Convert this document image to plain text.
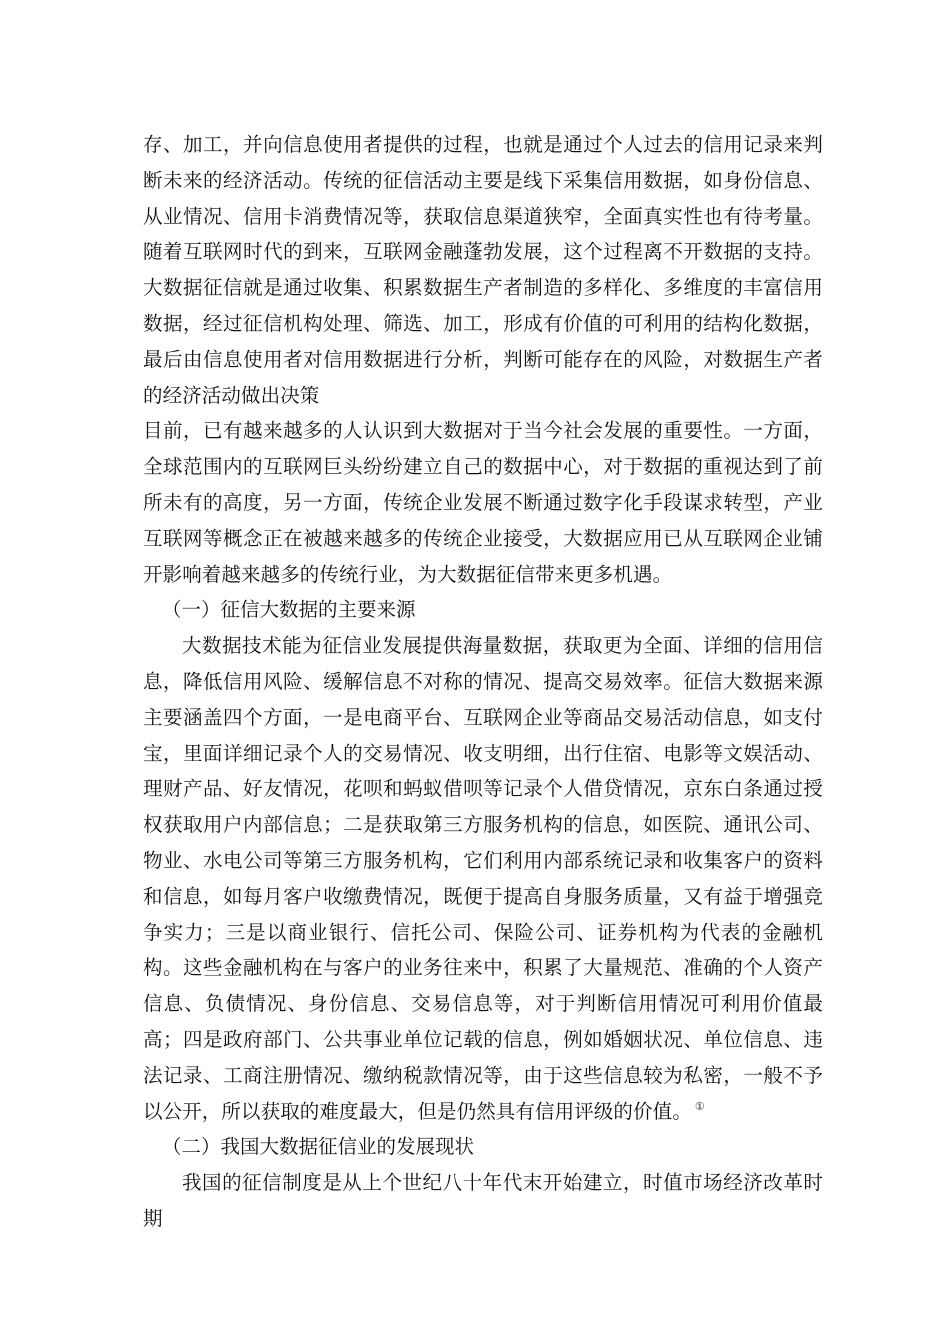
存、加工，并向信息使用者提供的过程，也就是通过个人过去的信用记录来判断未来的经济活动。传统的征信活动主要是线下采集信用数据，如身份信息、从业情况、信用卡消费情况等，获取信息渠道狭窄，全面真实性也有待考量。随着互联网时代的到来，互联网金融蓬勃发展，这个过程离不开数据的支持。大数据征信就是通过收集、积累数据生产者制造的多样化、多维度的丰富信用数据，经过征信机构处理、筛选、加工，形成有价值的可利用的结构化数据，最后由信息使用者对信用数据进行分析，判断可能存在的风险，对数据生产者的经济活动做出决策

目前，已有越来越多的人认识到大数据对于当今社会发展的重要性。一方面，全球范围内的互联网巨头纷纷建立自己的数据中心，对于数据的重视达到了前所未有的高度，另一方面，传统企业发展不断通过数字化手段谋求转型，产业互联网等概念正在被越来越多的传统企业接受，大数据应用已从互联网企业铺开影响着越来越多的传统行业，为大数据征信带来更多机遇。

（一）征信大数据的主要来源

大数据技术能为征信业发展提供海量数据，获取更为全面、详细的信用信息，降低信用风险、缓解信息不对称的情况、提高交易效率。征信大数据来源主要涵盖四个方面，一是电商平台、互联网企业等商品交易活动信息，如支付宝，里面详细记录个人的交易情况、收支明细，出行住宿、电影等文娱活动、理财产品、好友情况，花呗和蚂蚁借呗等记录个人借贷情况，京东白条通过授权获取用户内部信息；二是获取第三方服务机构的信息，如医院、通讯公司、物业、水电公司等第三方服务机构，它们利用内部系统记录和收集客户的资料和信息，如每月客户收缴费情况，既便于提高自身服务质量，又有益于增强竞争实力；三是以商业银行、信托公司、保险公司、证券机构为代表的金融机构。这些金融机构在与客户的业务往来中，积累了大量规范、准确的个人资产信息、负债情况、身份信息、交易信息等，对于判断信用情况可利用价值最高；四是政府部门、公共事业单位记载的信息，例如婚姻状况、单位信息、违法记录、工商注册情况、缴纳税款情况等，由于这些信息较为私密，一般不予以公开，所以获取的难度最大，但是仍然具有信用评级的价值。 ①

（二）我国大数据征信业的发展现状

我国的征信制度是从上个世纪八十年代末开始建立，时值市场经济改革时期
